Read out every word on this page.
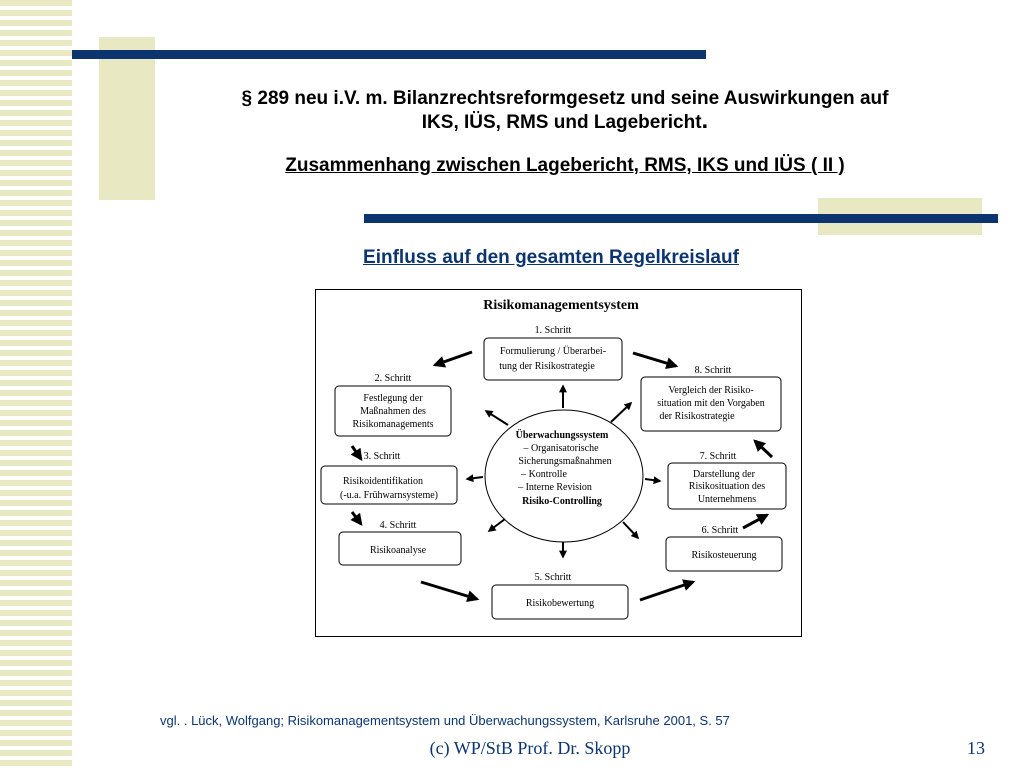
§ 289 neu i.V. m. Bilanzrechtsreformgesetz und seine Auswirkungen auf
IKS, IÜS, RMS und Lagebericht.
Zusammenhang zwischen Lagebericht, RMS, IKS und IÜS ( II )
Einfluss auf den gesamten Regelkreislauf
Risikomanagementsystem
1. Schritt
Formulierung / Überarbei-
tung der Risikostrategie	8. Schritt
Vergleich der Risiko-
situation mit den Vorgaben
der Risikostrategie
2. Schritt
Festlegung der
Maßnahmen des
Risikomanagements
3. Schritt
Risikoidentifikation
(-u.a. Frühwarnsysteme)
4. Schritt
Risikoanalyse
7. Schritt
Darstellung der
Risikosituation des
Unternehmens
6. Schritt
Risikosteuerung
5. Schritt
Risikobewertung
Überwachungssystem
– Organisatorische
Sicherungsmaßnahmen
– Kontrolle
– Interne Revision
Risiko-Controlling
vgl. . Lück, Wolfgang; Risikomanagementsystem und Überwachungssystem, Karlsruhe 2001, S. 57
(c) WP/StB Prof. Dr. Skopp	13
